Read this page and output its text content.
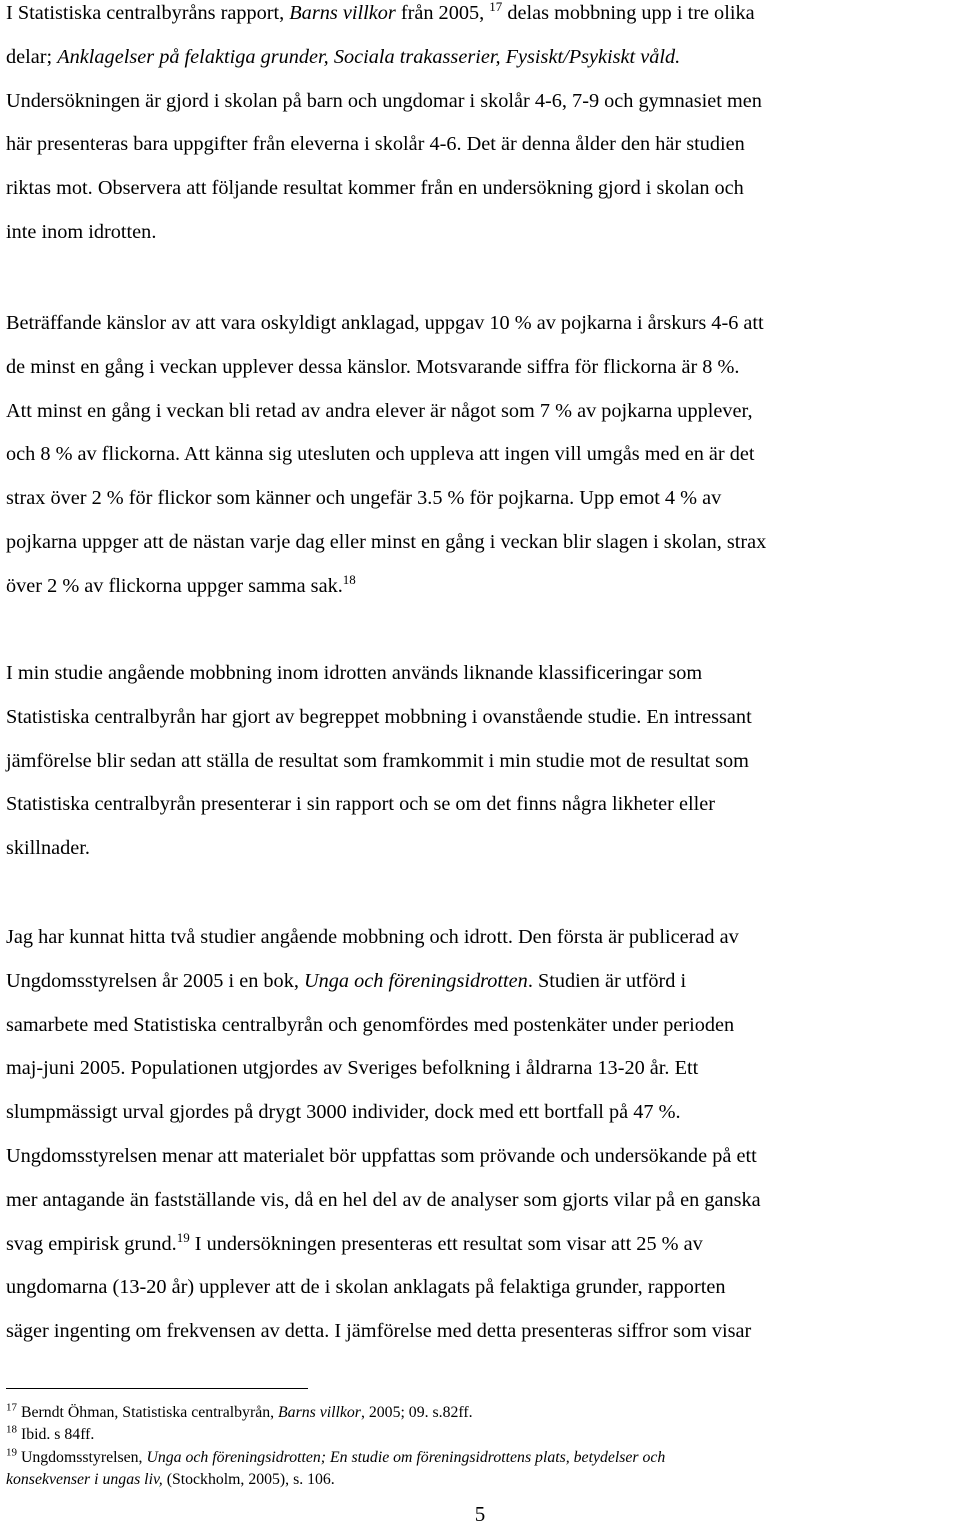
I Statistiska centralbyråns rapport, Barns villkor från 2005, $^{17}$ delas mobbning upp i tre olika
delar; Anklagelser på felaktiga grunder, Sociala trakasserier, Fysiskt/Psykiskt våld.
Undersökningen är gjord i skolan på barn och ungdomar i skolår 4-6, 7-9 och gymnasiet men
här presenteras bara uppgifter från eleverna i skolår 4-6. Det är denna ålder den här studien
riktas mot. Observera att följande resultat kommer från en undersökning gjord i skolan och
inte inom idrotten.

Beträffande känslor av att vara oskyldigt anklagad, uppgav 10 % av pojkarna i årskurs 4-6 att
de minst en gång i veckan upplever dessa känslor. Motsvarande siffra för flickorna är 8 %.
Att minst en gång i veckan bli retad av andra elever är något som 7 % av pojkarna upplever,
och 8 % av flickorna. Att känna sig utesluten och uppleva att ingen vill umgås med en är det
strax över 2 % för flickor som känner och ungefär 3.5 % för pojkarna. Upp emot 4 % av
pojkarna uppger att de nästan varje dag eller minst en gång i veckan blir slagen i skolan, strax
över 2 % av flickorna uppger samma sak.$^{18}$

I min studie angående mobbning inom idrotten används liknande klassificeringar som
Statistiska centralbyrån har gjort av begreppet mobbning i ovanstående studie. En intressant
jämförelse blir sedan att ställa de resultat som framkommit i min studie mot de resultat som
Statistiska centralbyrån presenterar i sin rapport och se om det finns några likheter eller
skillnader.

Jag har kunnat hitta två studier angående mobbning och idrott. Den första är publicerad av
Ungdomsstyrelsen år 2005 i en bok, Unga och föreningsidrotten. Studien är utförd i
samarbete med Statistiska centralbyrån och genomfördes med postenkäter under perioden
maj-juni 2005. Populationen utgjordes av Sveriges befolkning i åldrarna 13-20 år. Ett
slumpmässigt urval gjordes på drygt 3000 individer, dock med ett bortfall på 47 %.
Ungdomsstyrelsen menar att materialet bör uppfattas som prövande och undersökande på ett
mer antagande än fastställande vis, då en hel del av de analyser som gjorts vilar på en ganska
svag empirisk grund.$^{19}$ I undersökningen presenteras ett resultat som visar att 25 % av
ungdomarna (13-20 år) upplever att de i skolan anklagats på felaktiga grunder, rapporten
säger ingenting om frekvensen av detta. I jämförelse med detta presenteras siffror som visar

$^{17}$ Berndt Öhman, Statistiska centralbyrån, Barns villkor, 2005; 09. s.82ff.
$^{18}$ Ibid. s 84ff.
$^{19}$ Ungdomsstyrelsen, Unga och föreningsidrotten; En studie om föreningsidrottens plats, betydelser och
konsekvenser i ungas liv, (Stockholm, 2005), s. 106.
5
